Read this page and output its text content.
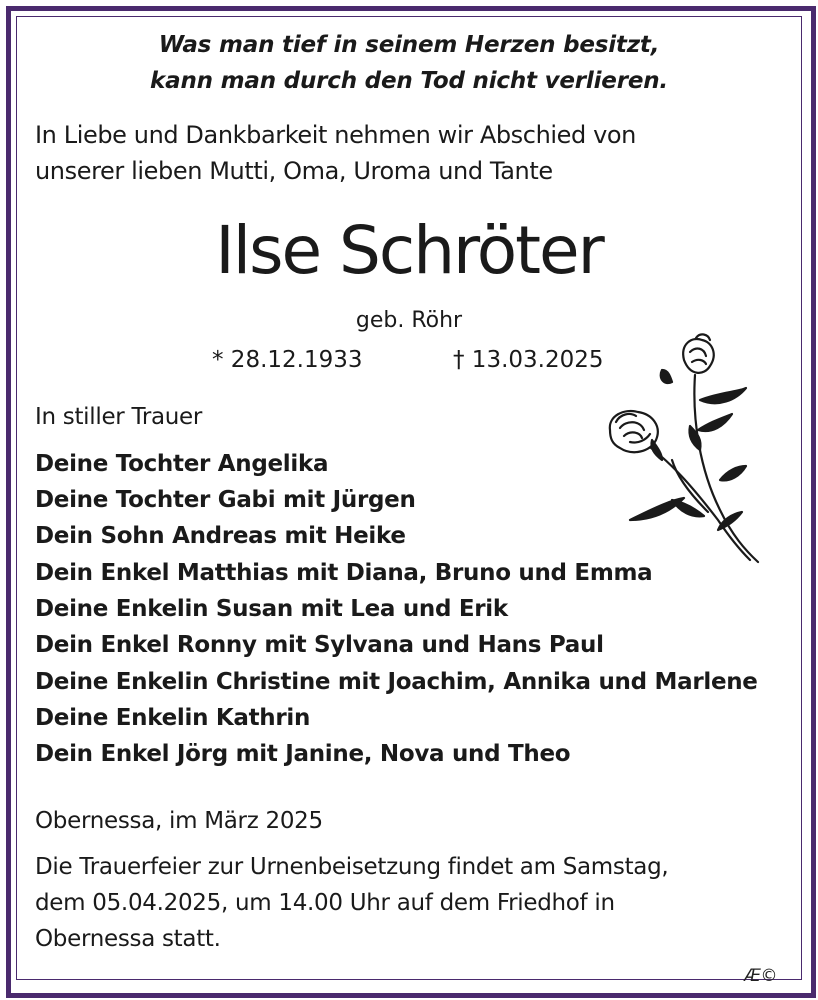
Was man tief in seinem Herzen besitzt,

kann man durch den Tod nicht verlieren.

In Liebe und Dankbarkeit nehmen wir Abschied von

unserer lieben Mutti, Oma, Uroma und Tante

Ilse Schröter

geb. Röhr

* 28.12.1933	† 13.03.2025

In stiller Trauer

Deine Tochter Angelika

Deine Tochter Gabi mit Jürgen

Dein Sohn Andreas mit Heike

Dein Enkel Matthias mit Diana, Bruno und Emma

Deine Enkelin Susan mit Lea und Erik

Dein Enkel Ronny mit Sylvana und Hans Paul

Deine Enkelin Christine mit Joachim, Annika und Marlene

Deine Enkelin Kathrin

Dein Enkel Jörg mit Janine, Nova und Theo

Obernessa, im März 2025

Die Trauerfeier zur Urnenbeisetzung findet am Samstag,

dem 05.04.2025, um 14.00 Uhr auf dem Friedhof in

Obernessa statt.

Æ©
